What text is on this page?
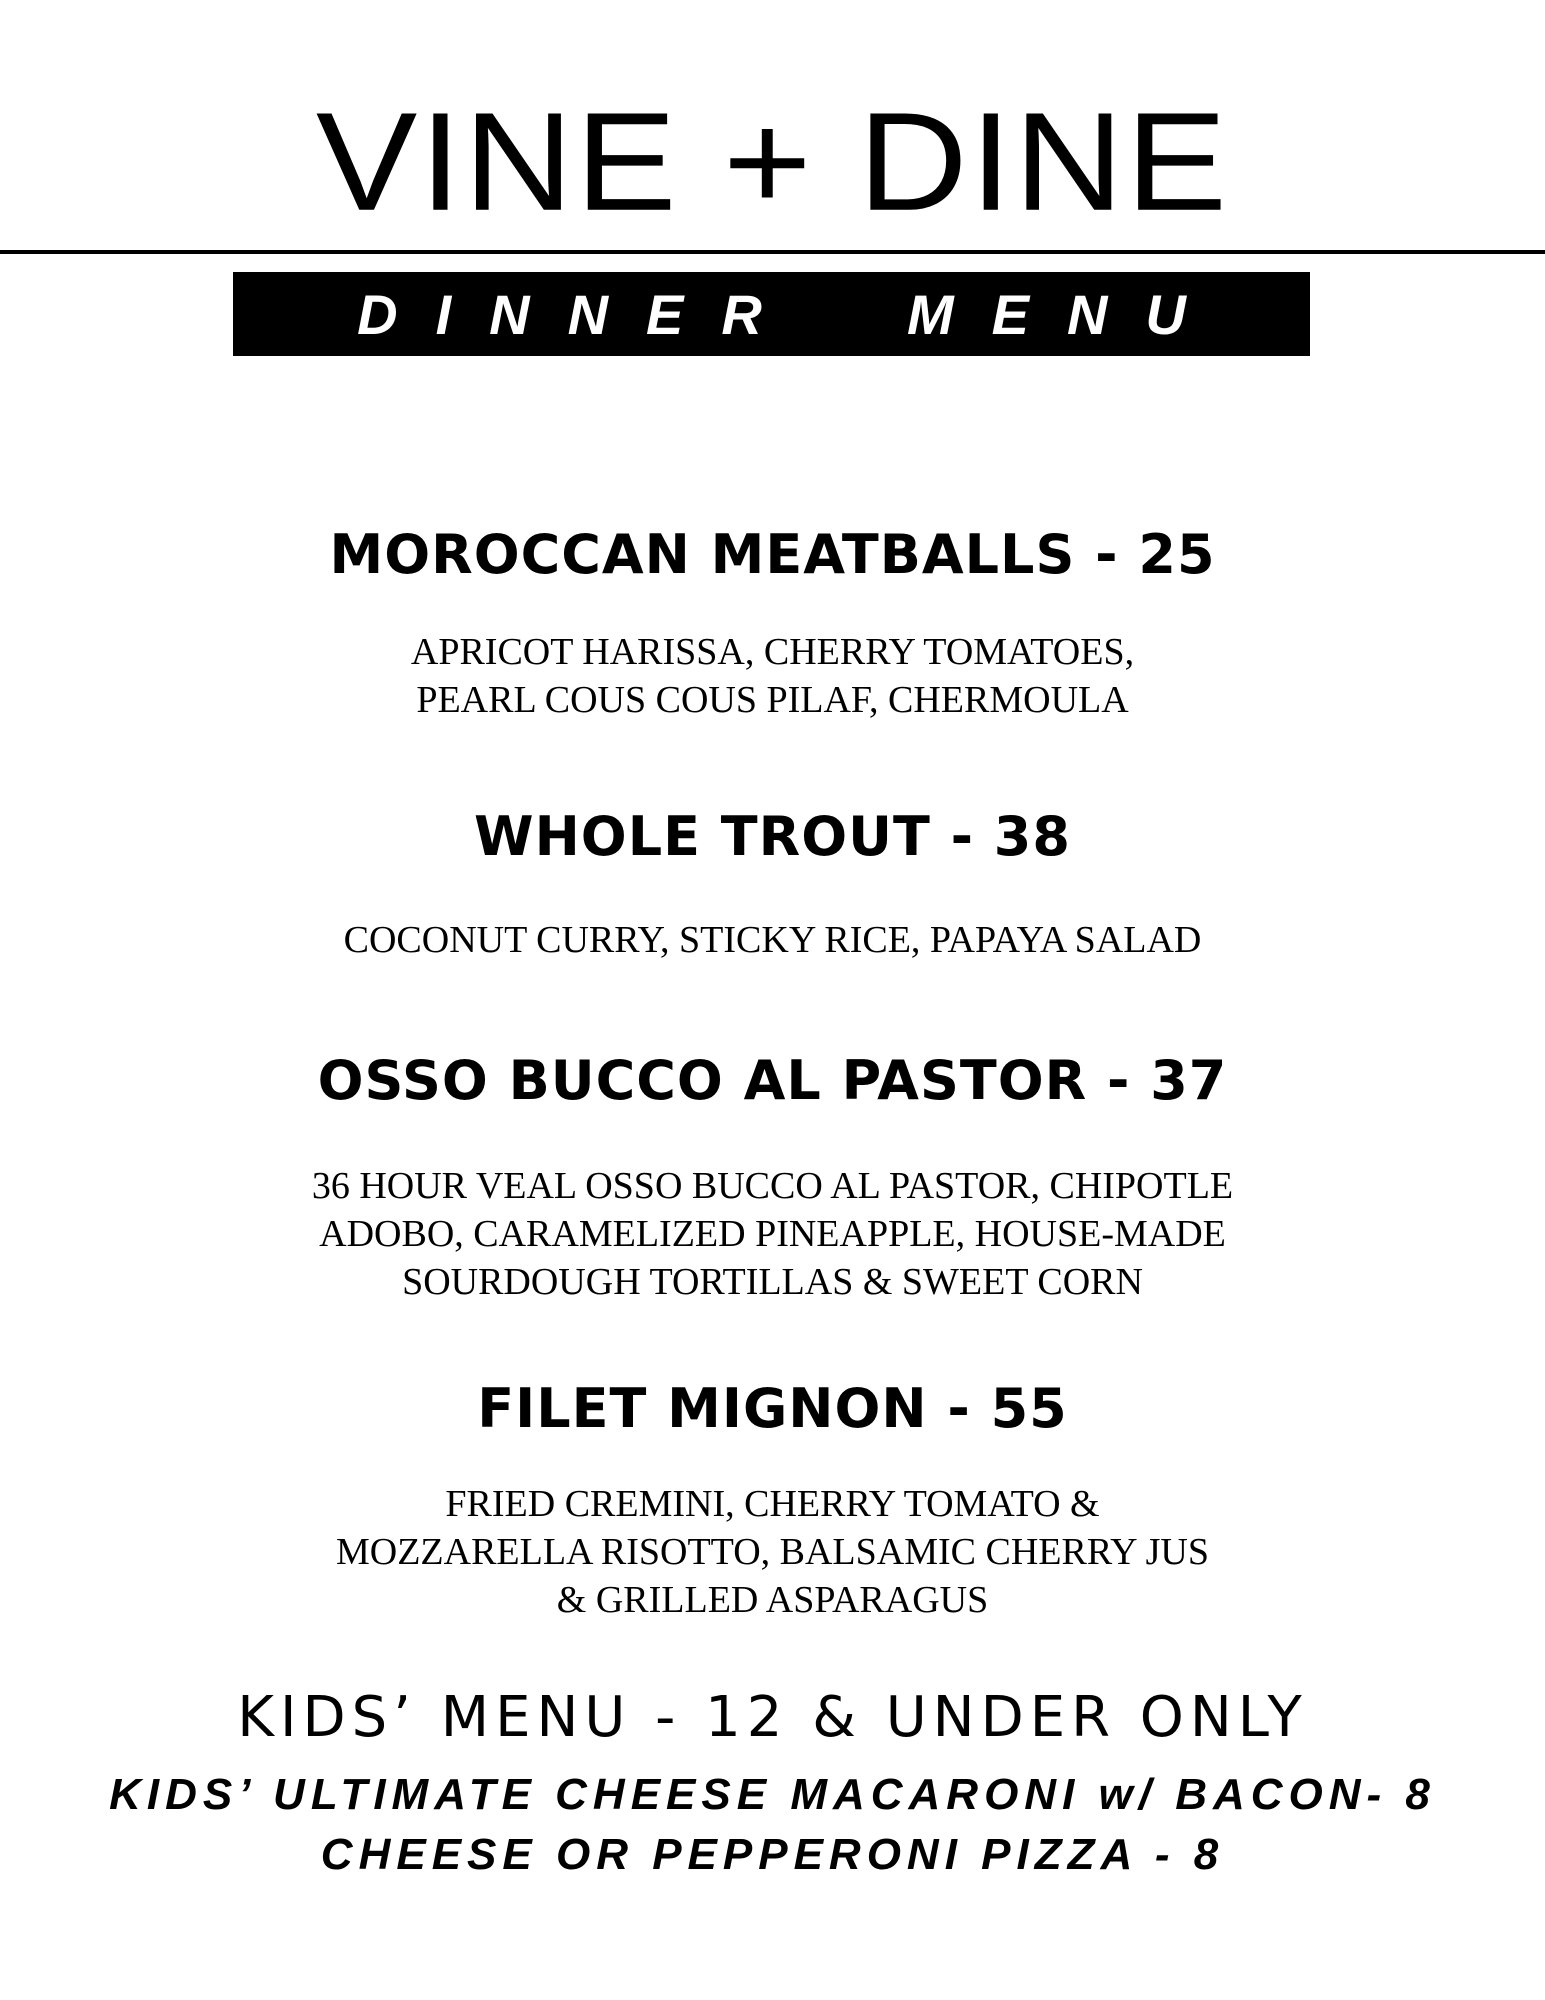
VINE + DINE
DINNER  MENU
MOROCCAN MEATBALLS - 25
APRICOT HARISSA, CHERRY TOMATOES,
PEARL COUS COUS PILAF, CHERMOULA
WHOLE TROUT - 38
COCONUT CURRY, STICKY RICE, PAPAYA SALAD
OSSO BUCCO AL PASTOR - 37
36 HOUR VEAL OSSO BUCCO AL PASTOR, CHIPOTLE
ADOBO, CARAMELIZED PINEAPPLE, HOUSE-MADE
SOURDOUGH TORTILLAS & SWEET CORN
FILET MIGNON - 55
FRIED CREMINI, CHERRY TOMATO &
MOZZARELLA RISOTTO, BALSAMIC CHERRY JUS
& GRILLED ASPARAGUS
KIDS’ MENU - 12 & UNDER ONLY
KIDS’ ULTIMATE CHEESE MACARONI w/ BACON- 8
CHEESE OR PEPPERONI PIZZA - 8
